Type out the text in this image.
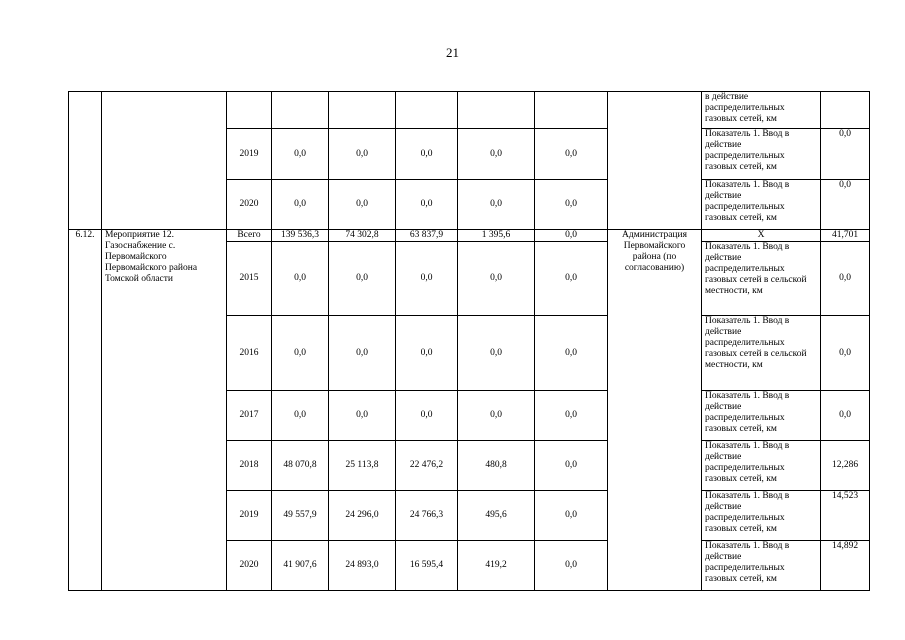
21
									в действие распределительных газовых сетей, км	
		2019	0,0	0,0	0,0	0,0	0,0		Показатель 1. Ввод в действие распределительных газовых сетей, км	0,0
		2020	0,0	0,0	0,0	0,0	0,0		Показатель 1. Ввод в действие распределительных газовых сетей, км	0,0
6.12.	Мероприятие 12. Газоснабжение с. Первомайского Первомайского района Томской области	Всего	139 536,3	74 302,8	63 837,9	1 395,6	0,0	Администрация Первомайского района (по согласованию)	X	41,701
		2015	0,0	0,0	0,0	0,0	0,0		Показатель 1. Ввод в действие распределительных газовых сетей в сельской местности, км	0,0
		2016	0,0	0,0	0,0	0,0	0,0		Показатель 1. Ввод в действие распределительных газовых сетей в сельской местности, км	0,0
		2017	0,0	0,0	0,0	0,0	0,0		Показатель 1. Ввод в действие распределительных газовых сетей, км	0,0
		2018	48 070,8	25 113,8	22 476,2	480,8	0,0		Показатель 1. Ввод в действие распределительных газовых сетей, км	12,286
		2019	49 557,9	24 296,0	24 766,3	495,6	0,0		Показатель 1. Ввод в действие распределительных газовых сетей, км	14,523
		2020	41 907,6	24 893,0	16 595,4	419,2	0,0		Показатель 1. Ввод в действие распределительных газовых сетей, км	14,892
